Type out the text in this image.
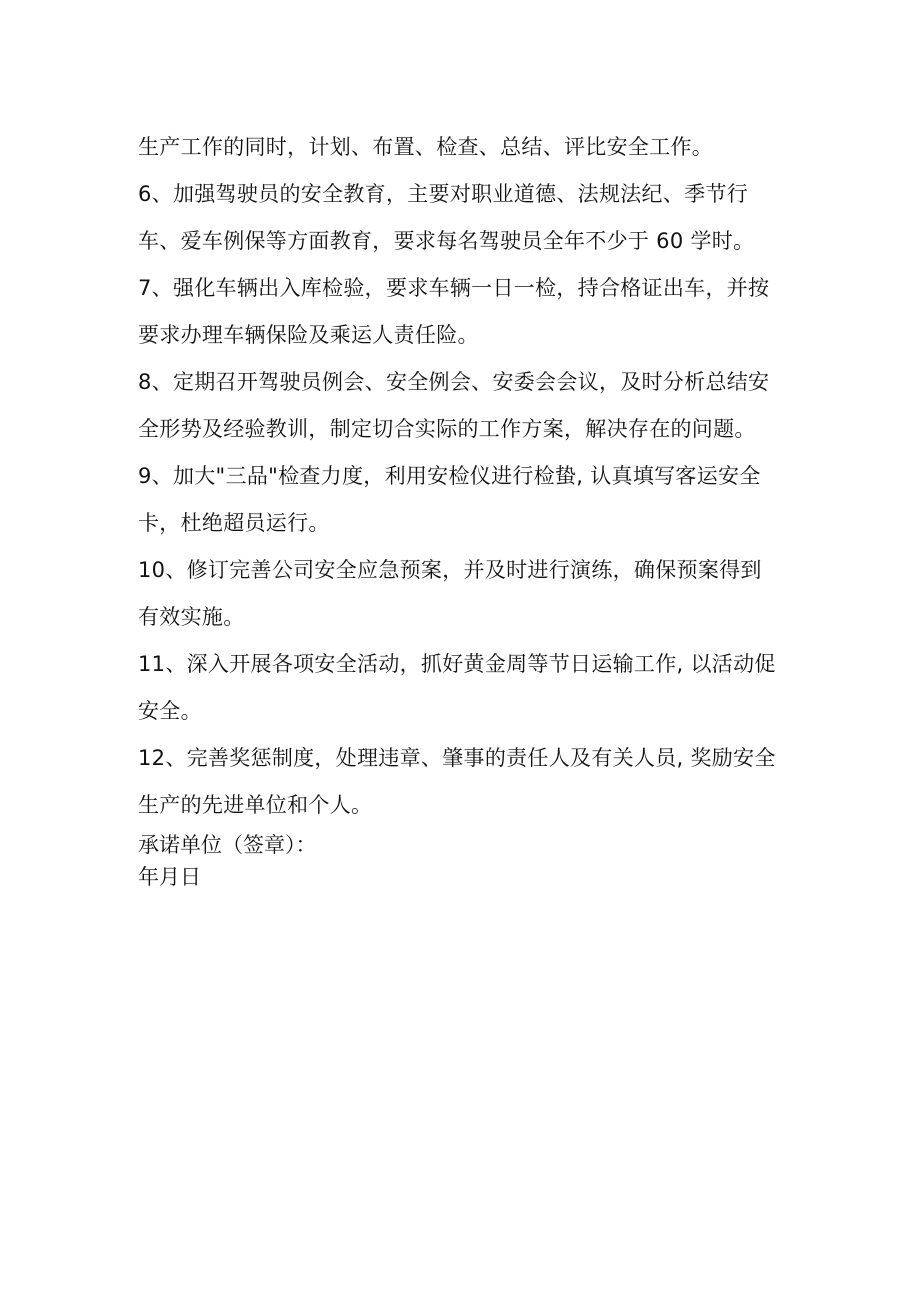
生产工作的同时，计划、布置、检查、总结、评比安全工作。
6、加强驾驶员的安全教育，主要对职业道德、法规法纪、季节行
车、爱车例保等方面教育，要求每名驾驶员全年不少于 60 学时。
7、强化车辆出入库检验，要求车辆一日一检，持合格证出车，并按
要求办理车辆保险及乘运人责任险。
8、定期召开驾驶员例会、安全例会、安委会会议，及时分析总结安
全形势及经验教训，制定切合实际的工作方案，解决存在的问题。
9、加大"三品"检查力度，利用安检仪进行检蛰, 认真填写客运安全
卡，杜绝超员运行。
10、修订完善公司安全应急预案，并及时进行演练，确保预案得到
有效实施。
11、深入开展各项安全活动，抓好黄金周等节日运输工作, 以活动促
安全。
12、完善奖惩制度，处理违章、肇事的责任人及有关人员, 奖励安全
生产的先进单位和个人。
承诺单位（签章）：
年月日
